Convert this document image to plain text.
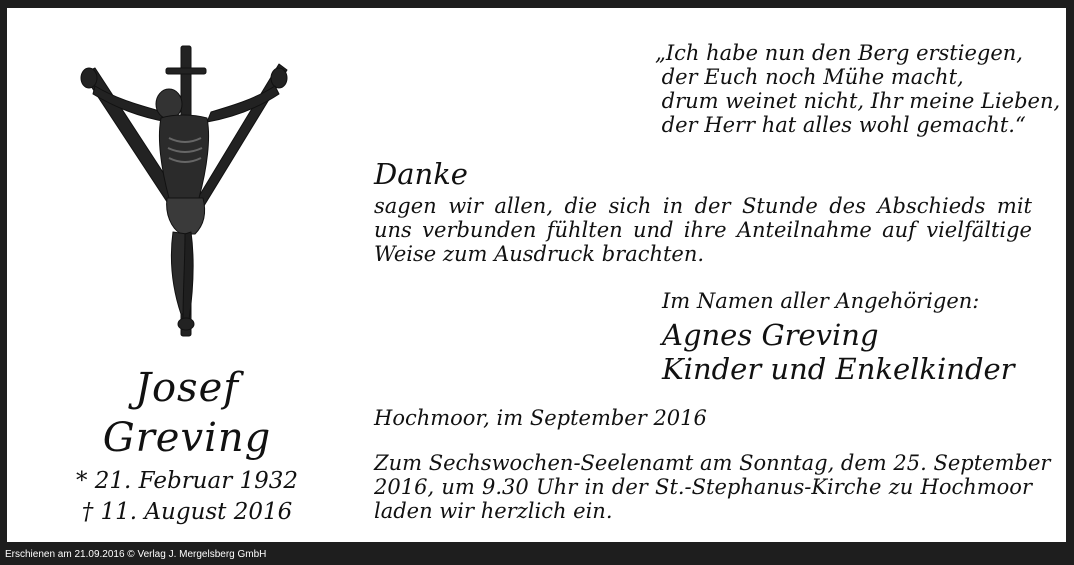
Josef
Greving
* 21. Februar 1932
† 11. August 2016
„Ich habe nun den Berg erstiegen,
der Euch noch Mühe macht,
drum weinet nicht, Ihr meine Lieben,
der Herr hat alles wohl gemacht.“
Danke
sagen wir allen, die sich in der Stunde des Abschieds mit
uns verbunden fühlten und ihre Anteilnahme auf vielfältige
Weise zum Ausdruck brachten.
Im Namen aller Angehörigen:
Agnes Greving
Kinder und Enkelkinder
Hochmoor, im September 2016
Zum Sechswochen-Seelenamt am Sonntag, dem 25. September
2016, um 9.30 Uhr in der St.-Stephanus-Kirche zu Hochmoor
laden wir herzlich ein.
Erschienen am 21.09.2016 © Verlag J. Mergelsberg GmbH
